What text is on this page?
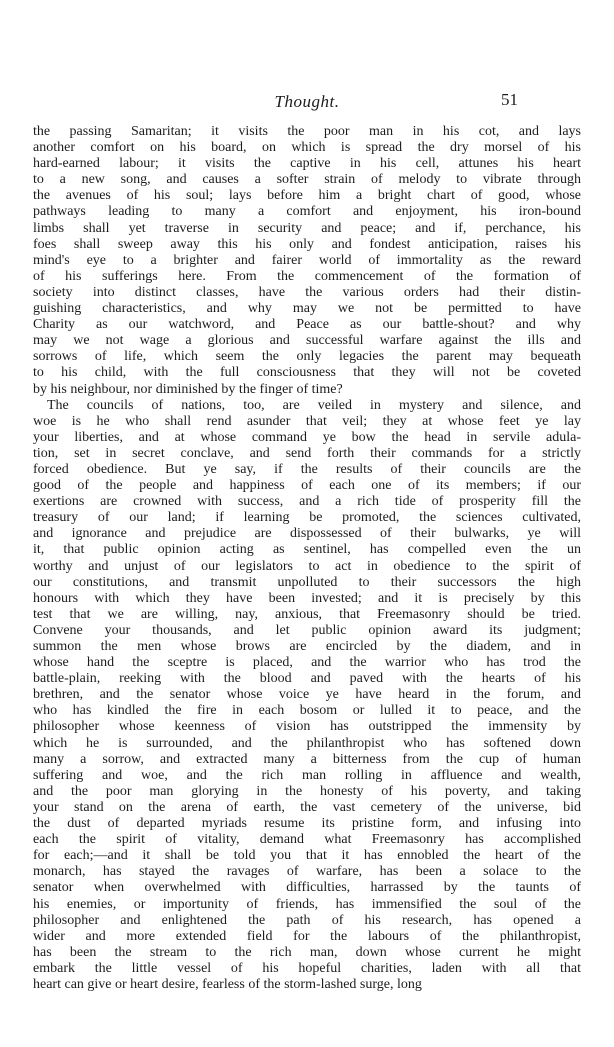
Thought.	51
the passing Samaritan; it visits the poor man in his cot, and lays
another comfort on his board, on which is spread the dry morsel of his
hard-earned labour; it visits the captive in his cell, attunes his heart
to a new song, and causes a softer strain of melody to vibrate through
the avenues of his soul; lays before him a bright chart of good, whose
pathways leading to many a comfort and enjoyment, his iron-bound
limbs shall yet traverse in security and peace; and if, perchance, his
foes shall sweep away this his only and fondest anticipation, raises his
mind's eye to a brighter and fairer world of immortality as the reward
of his sufferings here. From the commencement of the formation of
society into distinct classes, have the various orders had their distin-
guishing characteristics, and why may we not be permitted to have
Charity as our watchword, and Peace as our battle-shout? and why
may we not wage a glorious and successful warfare against the ills and
sorrows of life, which seem the only legacies the parent may bequeath
to his child, with the full consciousness that they will not be coveted
by his neighbour, nor diminished by the finger of time?
The councils of nations, too, are veiled in mystery and silence, and
woe is he who shall rend asunder that veil; they at whose feet ye lay
your liberties, and at whose command ye bow the head in servile adula-
tion, set in secret conclave, and send forth their commands for a strictly
forced obedience. But ye say, if the results of their councils are the
good of the people and happiness of each one of its members; if our
exertions are crowned with success, and a rich tide of prosperity fill the
treasury of our land; if learning be promoted, the sciences cultivated,
and ignorance and prejudice are dispossessed of their bulwarks, ye will
it, that public opinion acting as sentinel, has compelled even the un
worthy and unjust of our legislators to act in obedience to the spirit of
our constitutions, and transmit unpolluted to their successors the high
honours with which they have been invested; and it is precisely by this
test that we are willing, nay, anxious, that Freemasonry should be tried.
Convene your thousands, and let public opinion award its judgment;
summon the men whose brows are encircled by the diadem, and in
whose hand the sceptre is placed, and the warrior who has trod the
battle-plain, reeking with the blood and paved with the hearts of his
brethren, and the senator whose voice ye have heard in the forum, and
who has kindled the fire in each bosom or lulled it to peace, and the
philosopher whose keenness of vision has outstripped the immensity by
which he is surrounded, and the philanthropist who has softened down
many a sorrow, and extracted many a bitterness from the cup of human
suffering and woe, and the rich man rolling in affluence and wealth,
and the poor man glorying in the honesty of his poverty, and taking
your stand on the arena of earth, the vast cemetery of the universe, bid
the dust of departed myriads resume its pristine form, and infusing into
each the spirit of vitality, demand what Freemasonry has accomplished
for each;—and it shall be told you that it has ennobled the heart of the
monarch, has stayed the ravages of warfare, has been a solace to the
senator when overwhelmed with difficulties, harrassed by the taunts of
his enemies, or importunity of friends, has immensified the soul of the
philosopher and enlightened the path of his research, has opened a
wider and more extended field for the labours of the philanthropist,
has been the stream to the rich man, down whose current he might
embark the little vessel of his hopeful charities, laden with all that
heart can give or heart desire, fearless of the storm-lashed surge, long
